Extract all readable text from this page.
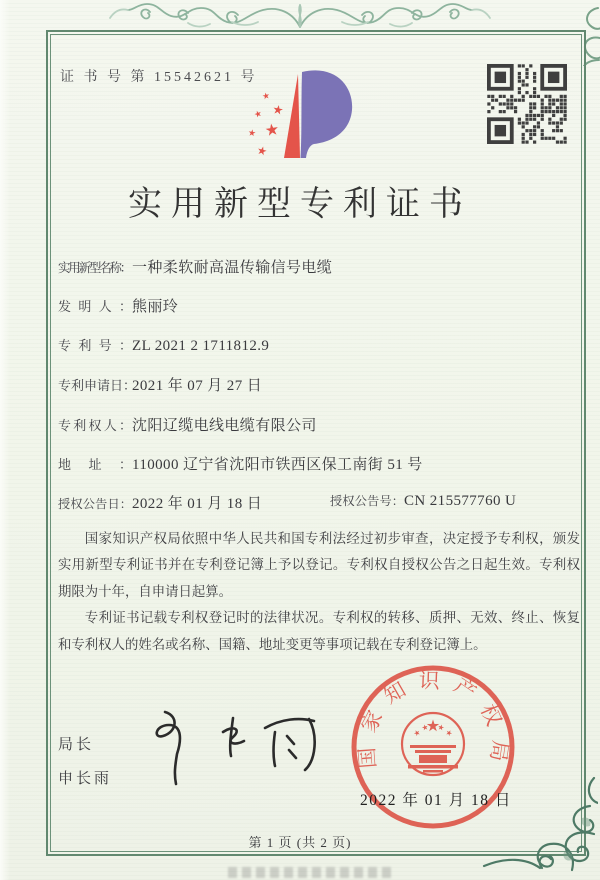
证 书 号 第 15542621 号
实用新型专利证书
实用新型名称： 一种柔软耐高温传输信号电缆
发明人：熊丽玲
专利号：ZL 2021 2 1711812.9
专利申请日：2021 年 07 月 27 日
专利权人：沈阳辽缆电线电缆有限公司
地址：110000 辽宁省沈阳市铁西区保工南街 51 号
授权公告日：2022 年 01 月 18 日	授权公告号：CN 215577760 U

国家知识产权局依照中华人民共和国专利法经过初步审查，决定授予专利权，颁发实用新型专利证书并在专利登记簿上予以登记。专利权自授权公告之日起生效。专利权期限为十年，自申请日起算。

专利证书记载专利权登记时的法律状况。专利权的转移、质押、无效、终止、恢复和专利权人的姓名或名称、国籍、地址变更等事项记载在专利登记簿上。

局长
申长雨
国家知识产权局
2022 年 01 月 18 日
第 1 页 (共 2 页)
